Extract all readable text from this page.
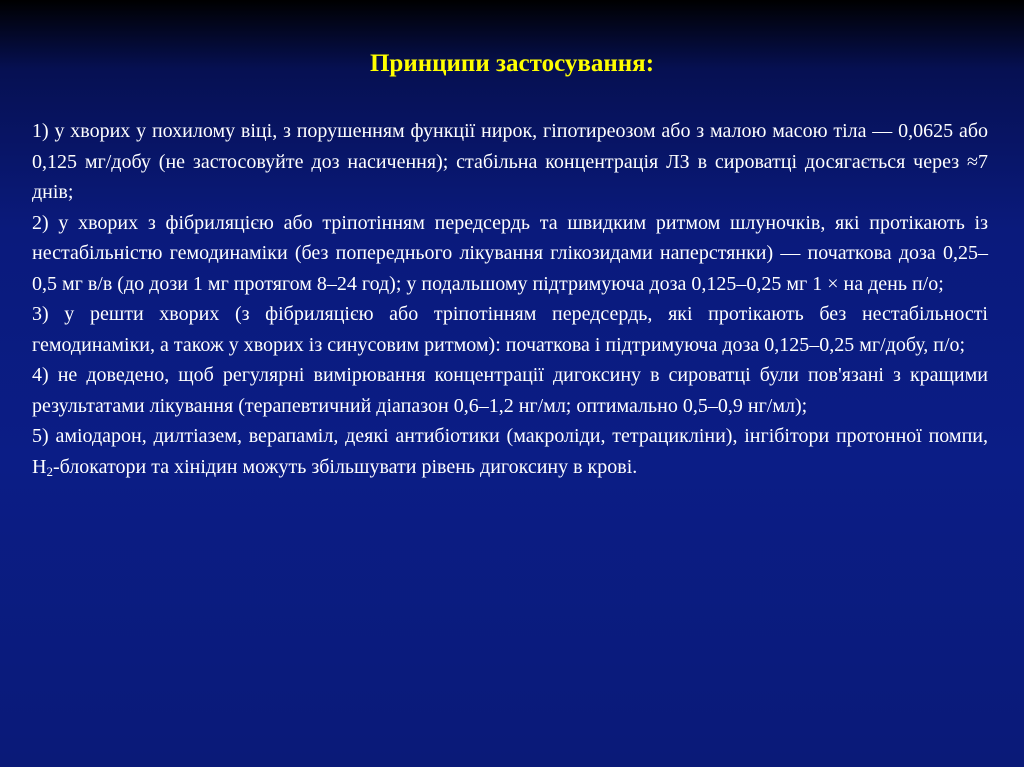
Принципи застосування:

1) у хворих у похилому віці, з порушенням функції нирок, гіпотиреозом або з малою масою тіла — 0,0625 або 0,125 мг/добу (не застосовуйте доз насичення); стабільна концентрація ЛЗ в сироватці досягається через ≈7 днів;

2) у хворих з фібриляцією або тріпотінням передсердь та швидким ритмом шлуночків, які протікають із нестабільністю гемодинаміки (без попереднього лікування глікозидами наперстянки) — початкова доза 0,25–0,5 мг в/в (до дози 1 мг протягом 8–24 год); у подальшому підтримуюча доза 0,125–0,25 мг 1 × на день п/о;

3) у решти хворих (з фібриляцією або тріпотінням передсердь, які протікають без нестабільності гемодинаміки, а також у хворих із синусовим ритмом): початкова і підтримуюча доза 0,125–0,25 мг/добу, п/о;

4) не доведено, щоб регулярні вимірювання концентрації дигоксину в сироватці були пов'язані з кращими результатами лікування (терапевтичний діапазон 0,6–1,2 нг/мл; оптимально 0,5–0,9 нг/мл);

5) аміодарон, дилтіазем, верапаміл, деякі антибіотики (макроліди, тетрацикліни), інгібітори протонної помпи, $H_2$-блокатори та хінідин можуть збільшувати рівень дигоксину в крові.
